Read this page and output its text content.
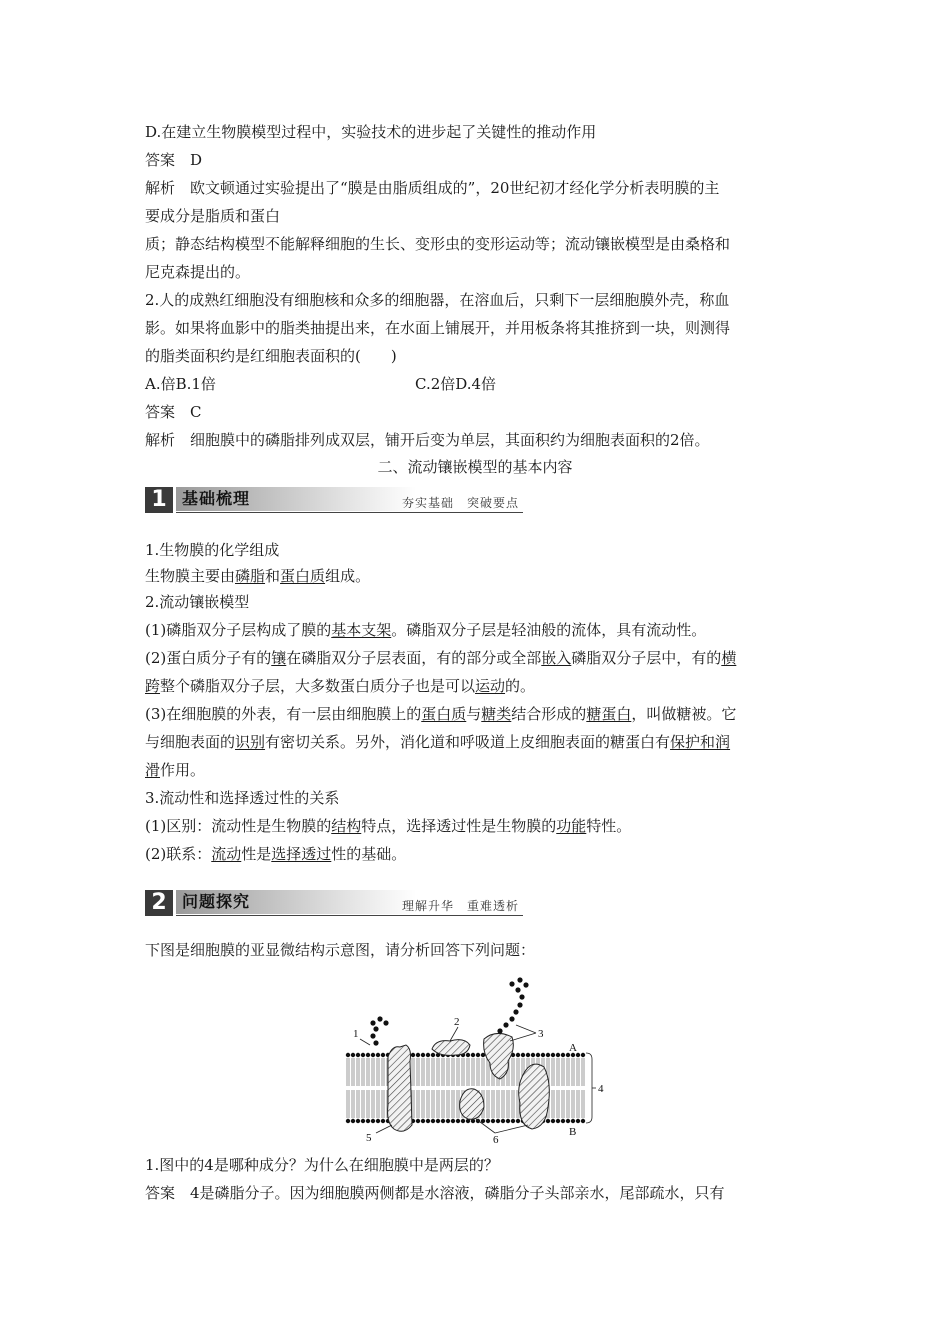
D.在建立生物膜模型过程中，实验技术的进步起了关键性的推动作用
答案　D
解析　欧文顿通过实验提出了“膜是由脂质组成的”，20世纪初才经化学分析表明膜的主
要成分是脂质和蛋白
质；静态结构模型不能解释细胞的生长、变形虫的变形运动等；流动镶嵌模型是由桑格和
尼克森提出的。
2.人的成熟红细胞没有细胞核和众多的细胞器，在溶血后，只剩下一层细胞膜外壳，称血
影。如果将血影中的脂类抽提出来，在水面上铺展开，并用板条将其推挤到一块，则测得
的脂类面积约是红细胞表面积的(　　)
A.倍B.1倍	C.2倍D.4倍
答案　C
解析　细胞膜中的磷脂排列成双层，铺开后变为单层，其面积约为细胞表面积的2倍。
二、流动镶嵌模型的基本内容
1 基础梳理	夯实基础　突破要点
1.生物膜的化学组成
生物膜主要由磷脂和蛋白质组成。
2.流动镶嵌模型
(1)磷脂双分子层构成了膜的基本支架。磷脂双分子层是轻油般的流体，具有流动性。
(2)蛋白质分子有的镶在磷脂双分子层表面，有的部分或全部嵌入磷脂双分子层中，有的横
跨整个磷脂双分子层，大多数蛋白质分子也是可以运动的。
(3)在细胞膜的外表，有一层由细胞膜上的蛋白质与糖类结合形成的糖蛋白，叫做糖被。它
与细胞表面的识别有密切关系。另外，消化道和呼吸道上皮细胞表面的糖蛋白有保护和润
滑作用。
3.流动性和选择透过性的关系
(1)区别：流动性是生物膜的结构特点，选择透过性是生物膜的功能特性。
(2)联系：流动性是选择透过性的基础。
2 问题探究	理解升华　重难透析
下图是细胞膜的亚显微结构示意图，请分析回答下列问题：
1
2
3
4
5	6
A
B
1.图中的4是哪种成分？为什么在细胞膜中是两层的？
答案　4是磷脂分子。因为细胞膜两侧都是水溶液，磷脂分子头部亲水，尾部疏水，只有
